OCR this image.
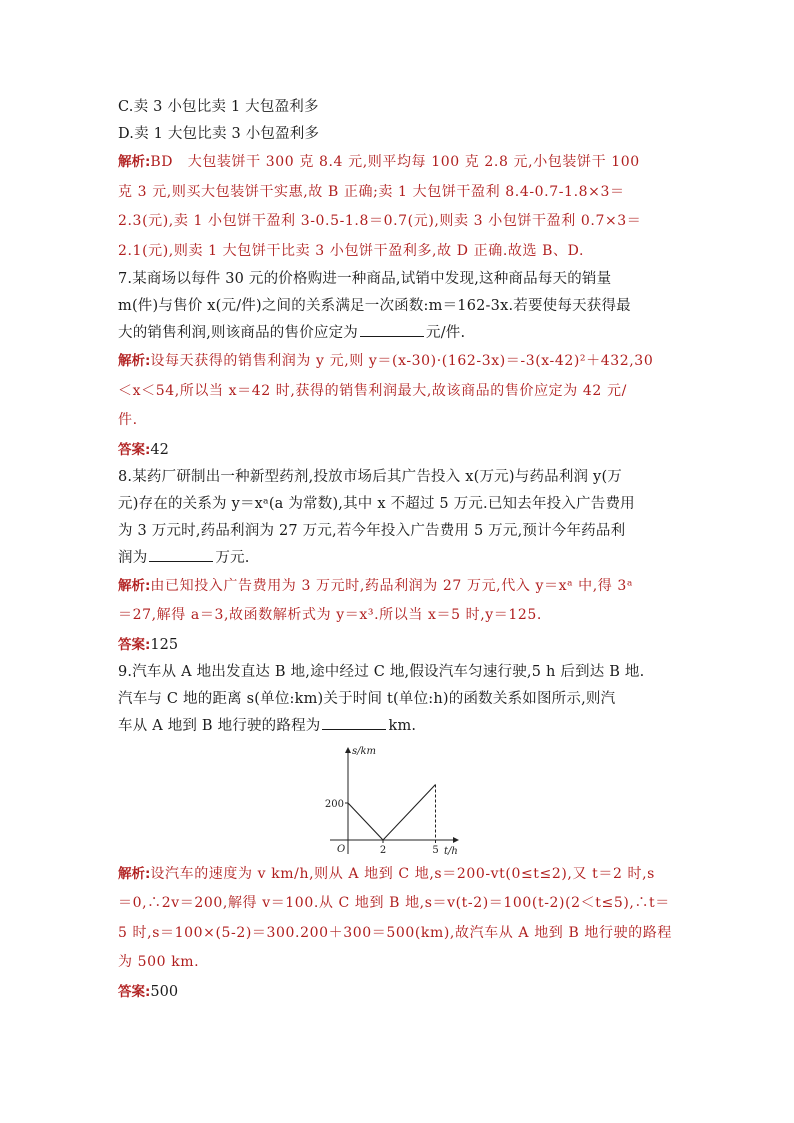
C.卖 3 小包比卖 1 大包盈利多

D.卖 1 大包比卖 3 小包盈利多

解析:BD　大包装饼干 300 克 8.4 元,则平均每 100 克 2.8 元,小包装饼干 100

克 3 元,则买大包装饼干实惠,故 B 正确;卖 1 大包饼干盈利 8.4-0.7-1.8×3＝

2.3(元),卖 1 小包饼干盈利 3-0.5-1.8＝0.7(元),则卖 3 小包饼干盈利 0.7×3＝

2.1(元),则卖 1 大包饼干比卖 3 小包饼干盈利多,故 D 正确.故选 B、D.

7.某商场以每件 30 元的价格购进一种商品,试销中发现,这种商品每天的销量

m(件)与售价 x(元/件)之间的关系满足一次函数:m＝162-3x.若要使每天获得最

大的销售利润,则该商品的售价应定为	元/件.

解析:设每天获得的销售利润为 y 元,则 y＝(x-30)·(162-3x)＝-3(x-42)²＋432,30

＜x＜54,所以当 x＝42 时,获得的销售利润最大,故该商品的售价应定为 42 元/

件.

答案:42

8.某药厂研制出一种新型药剂,投放市场后其广告投入 x(万元)与药品利润 y(万

元)存在的关系为 y＝xᵃ(a 为常数),其中 x 不超过 5 万元.已知去年投入广告费用

为 3 万元时,药品利润为 27 万元,若今年投入广告费用 5 万元,预计今年药品利

润为	万元.

解析:由已知投入广告费用为 3 万元时,药品利润为 27 万元,代入 y＝xᵃ 中,得 3ᵃ

＝27,解得 a＝3,故函数解析式为 y＝x³.所以当 x＝5 时,y＝125.

答案:125

9.汽车从 A 地出发直达 B 地,途中经过 C 地,假设汽车匀速行驶,5 h 后到达 B 地.

汽车与 C 地的距离 s(单位:km)关于时间 t(单位:h)的函数关系如图所示,则汽

车从 A 地到 B 地行驶的路程为	km.

s/km
t/h
O
200
2	5

解析:设汽车的速度为 v km/h,则从 A 地到 C 地,s＝200-vt(0≤t≤2),又 t＝2 时,s

＝0,∴2v＝200,解得 v＝100.从 C 地到 B 地,s＝v(t-2)＝100(t-2)(2＜t≤5),∴t＝

5 时,s＝100×(5-2)＝300.200＋300＝500(km),故汽车从 A 地到 B 地行驶的路程

为 500 km.

答案:500
